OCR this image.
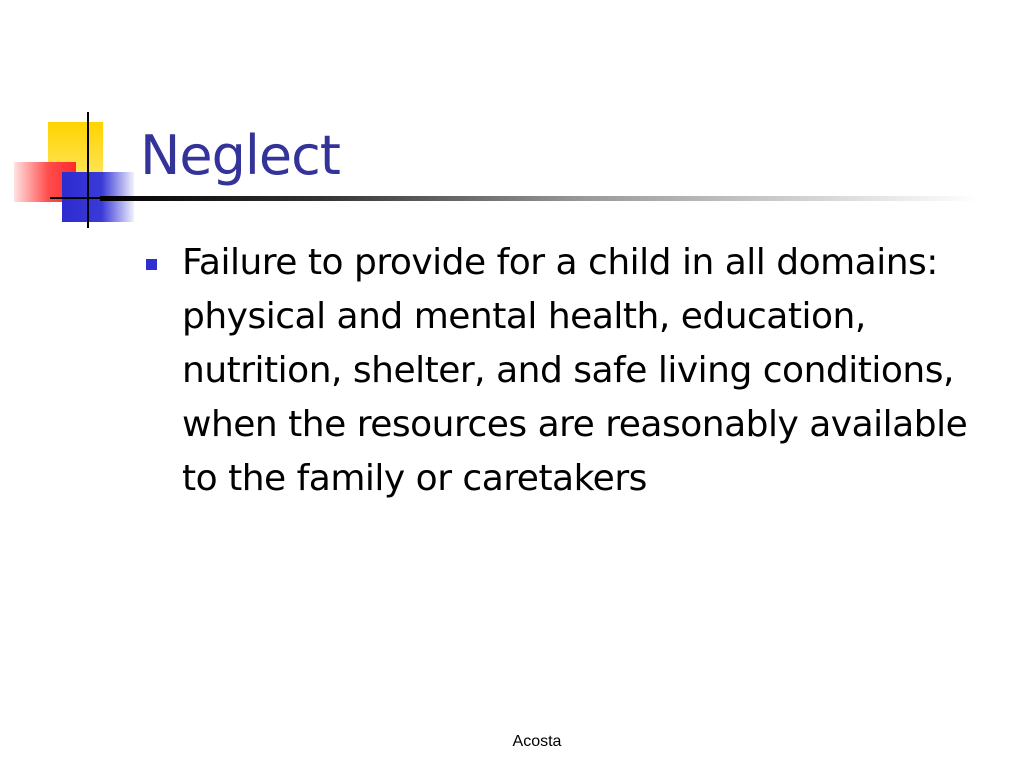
Neglect
Failure to provide for a child in all domains: physical and mental health, education, nutrition, shelter, and safe living conditions, when the resources are reasonably available to the family or caretakers
Acosta
